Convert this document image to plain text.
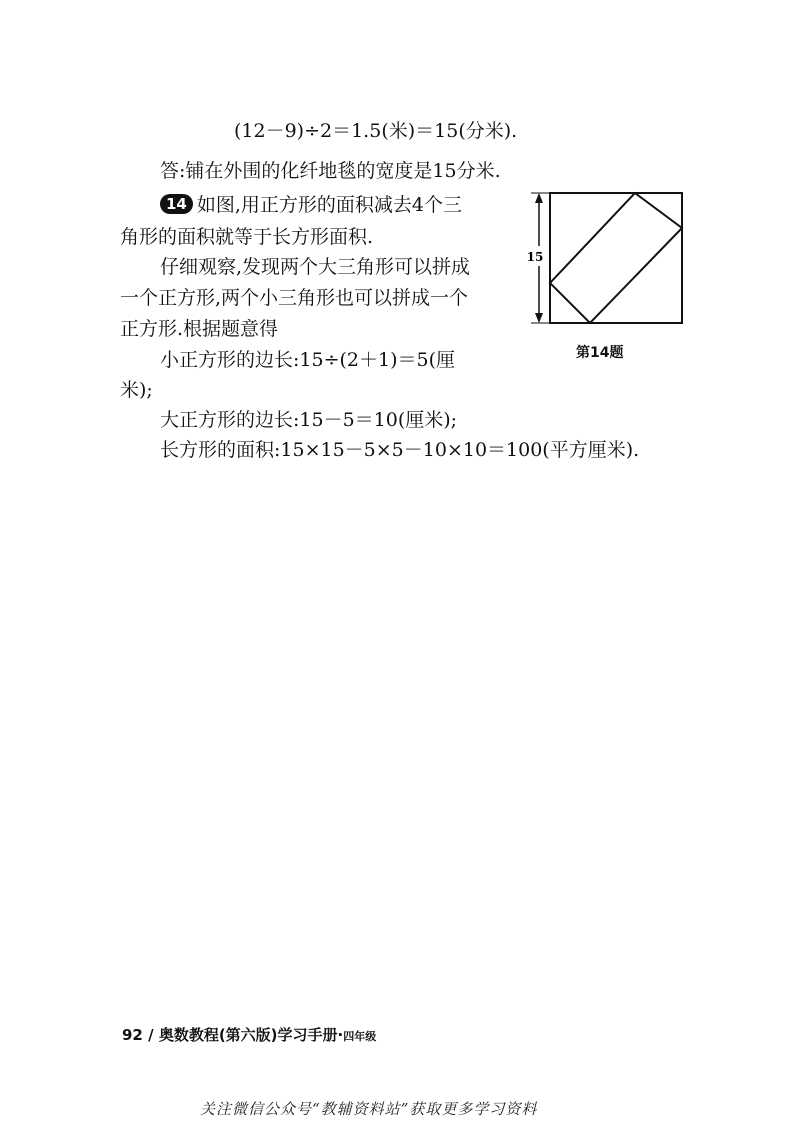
(12－9)÷2＝1.5(米)＝15(分米).
答:铺在外围的化纤地毯的宽度是15分米.
14 如图,用正方形的面积减去4个三
角形的面积就等于长方形面积.
仔细观察,发现两个大三角形可以拼成
一个正方形,两个小三角形也可以拼成一个
正方形.根据题意得
小正方形的边长:15÷(2＋1)＝5(厘
米);
大正方形的边长:15－5＝10(厘米);
长方形的面积:15×15－5×5－10×10＝100(平方厘米).
15
第14题
92 / 奥数教程(第六版)学习手册·四年级
关注微信公众号“教辅资料站”获取更多学习资料
